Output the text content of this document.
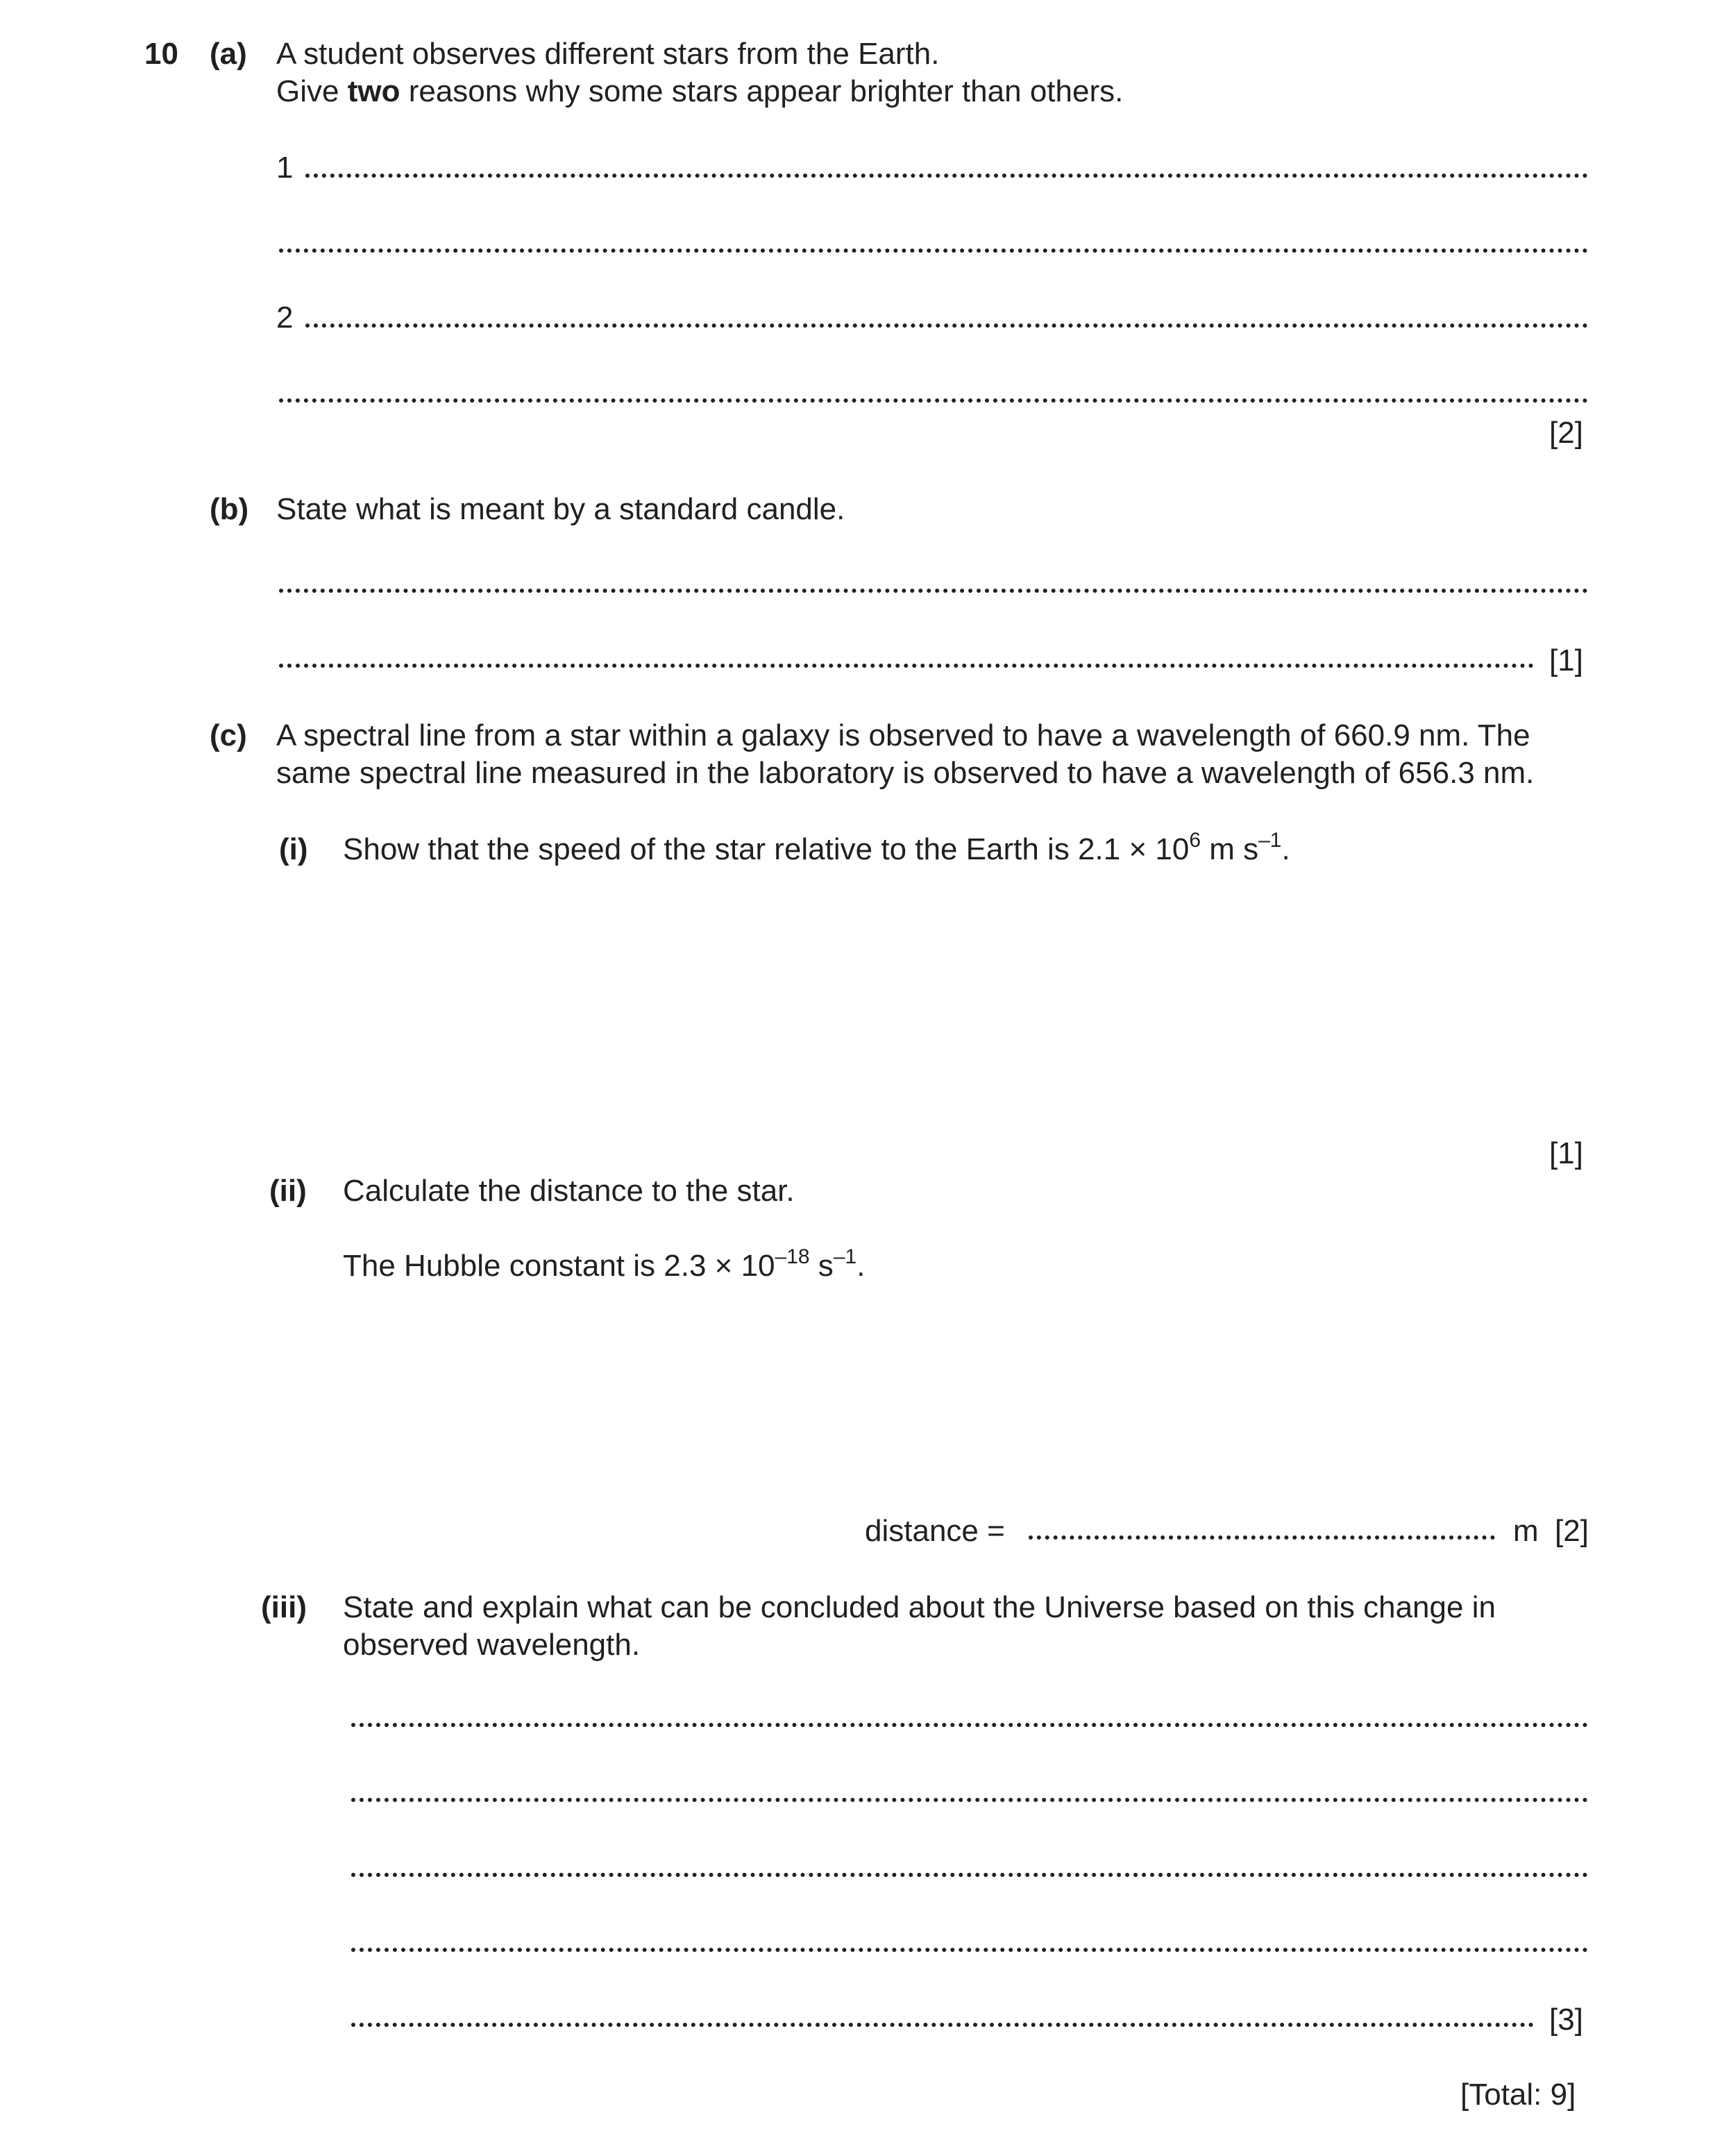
10 (a) A student observes different stars from the Earth.
Give two reasons why some stars appear brighter than others.
1
2
[2]
(b) State what is meant by a standard candle.
[1]
(c) A spectral line from a star within a galaxy is observed to have a wavelength of 660.9 nm. The
same spectral line measured in the laboratory is observed to have a wavelength of 656.3 nm.
(i) Show that the speed of the star relative to the Earth is $2.1 \times 10^6$ m $s^{-1}$.
[1]
(ii) Calculate the distance to the star.
The Hubble constant is $2.3 \times 10^{-18}$ $s^{-1}$.
distance =	m [2]
(iii) State and explain what can be concluded about the Universe based on this change in
observed wavelength.
[3]
[Total: 9]
